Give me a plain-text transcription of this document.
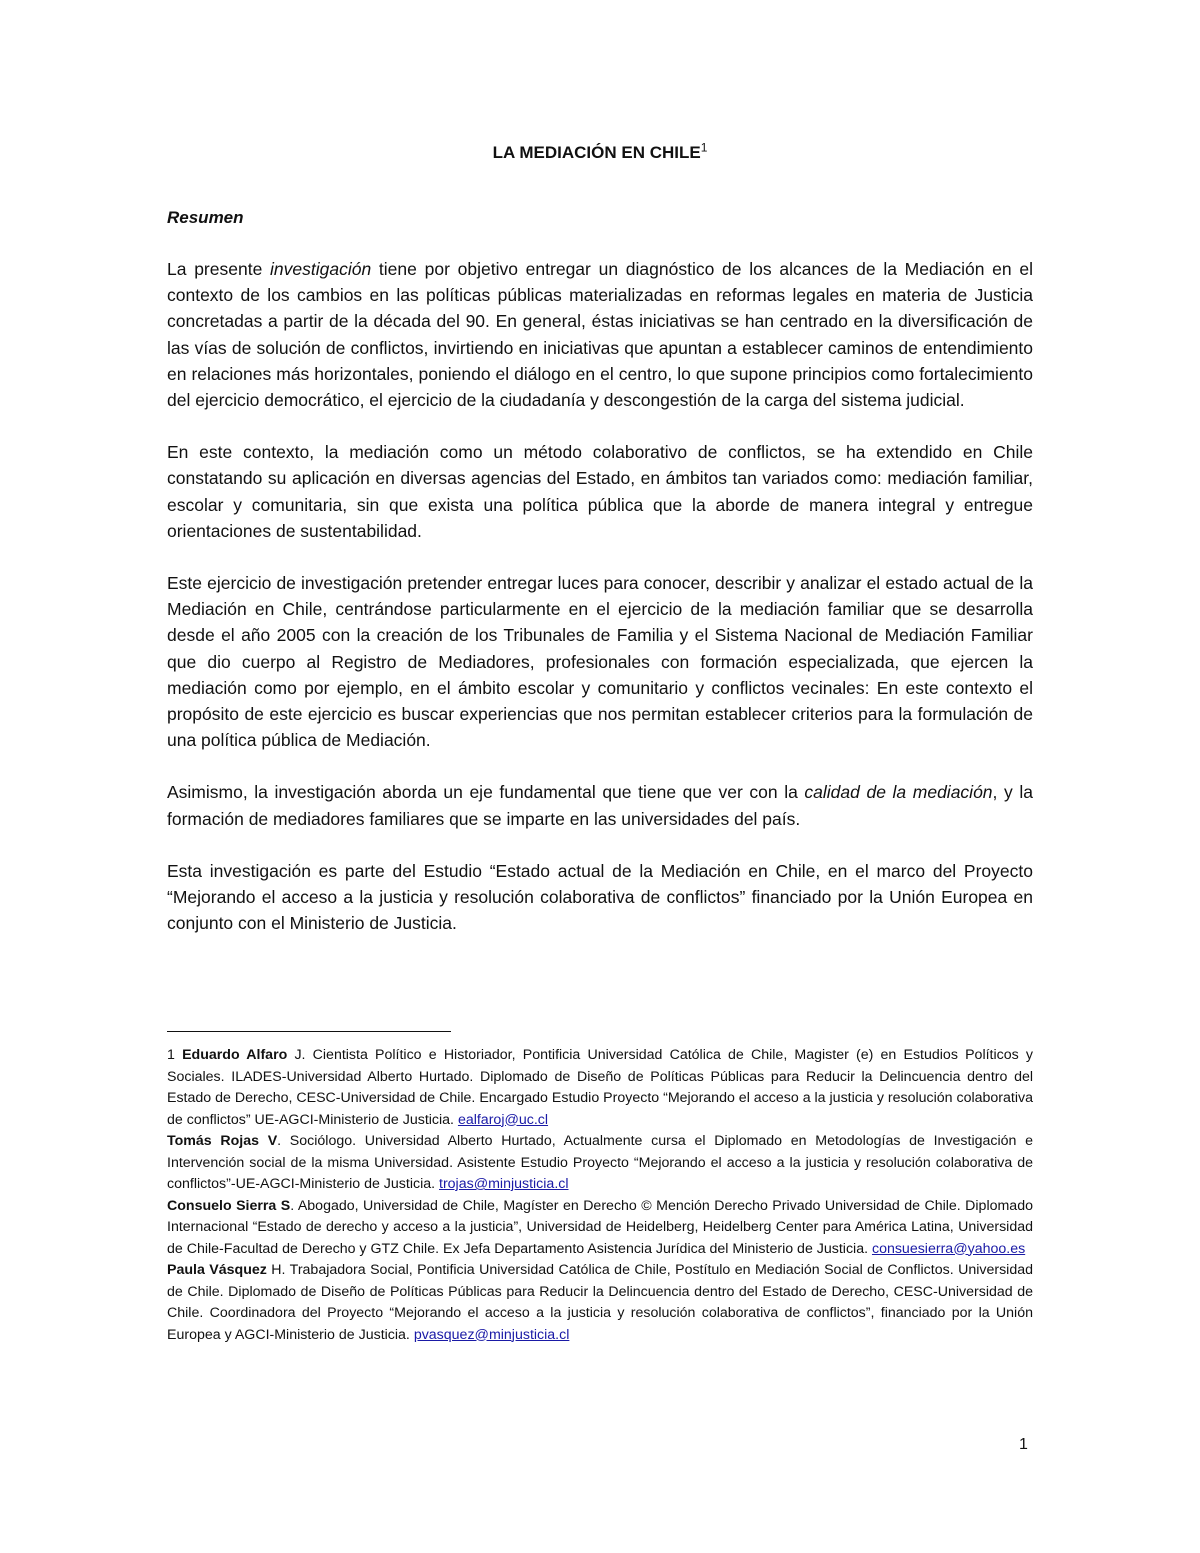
LA MEDIACIÓN EN CHILE$^1$
Resumen

La presente investigación tiene por objetivo entregar un diagnóstico de los alcances de la Mediación en el contexto de los cambios en las políticas públicas materializadas en reformas legales en materia de Justicia concretadas a partir de la década del 90. En general, éstas iniciativas se han centrado en la diversificación de las vías de solución de conflictos, invirtiendo en iniciativas que apuntan a establecer caminos de entendimiento en relaciones más horizontales, poniendo el diálogo en el centro, lo que supone principios como fortalecimiento del ejercicio democrático, el ejercicio de la ciudadanía y descongestión de la carga del sistema judicial.

En este contexto, la mediación como un método colaborativo de conflictos, se ha extendido en Chile constatando su aplicación en diversas agencias del Estado, en ámbitos tan variados como: mediación familiar, escolar y comunitaria, sin que exista una política pública que la aborde de manera integral y entregue orientaciones de sustentabilidad.

Este ejercicio de investigación pretender entregar luces para conocer, describir y analizar el estado actual de la Mediación en Chile, centrándose particularmente en el ejercicio de la mediación familiar que se desarrolla desde el año 2005 con la creación de los Tribunales de Familia y el Sistema Nacional de Mediación Familiar que dio cuerpo al Registro de Mediadores, profesionales con formación especializada, que ejercen la mediación como por ejemplo, en el ámbito escolar y comunitario y conflictos vecinales: En este contexto el propósito de este ejercicio es buscar experiencias que nos permitan establecer criterios para la formulación de una política pública de Mediación.

Asimismo, la investigación aborda un eje fundamental que tiene que ver con la calidad de la mediación, y la formación de mediadores familiares que se imparte en las universidades del país.

Esta investigación es parte del Estudio “Estado actual de la Mediación en Chile, en el marco del Proyecto “Mejorando el acceso a la justicia y resolución colaborativa de conflictos” financiado por la Unión Europea en conjunto con el Ministerio de Justicia.

1 Eduardo Alfaro J. Cientista Político e Historiador, Pontificia Universidad Católica de Chile, Magister (e) en Estudios Políticos y Sociales. ILADES-Universidad Alberto Hurtado. Diplomado de Diseño de Políticas Públicas para Reducir la Delincuencia dentro del Estado de Derecho, CESC-Universidad de Chile. Encargado Estudio Proyecto “Mejorando el acceso a la justicia y resolución colaborativa de conflictos” UE-AGCI-Ministerio de Justicia. ealfaroj@uc.cl

Tomás Rojas V. Sociólogo. Universidad Alberto Hurtado, Actualmente cursa el Diplomado en Metodologías de Investigación e Intervención social de la misma Universidad. Asistente Estudio Proyecto “Mejorando el acceso a la justicia y resolución colaborativa de conflictos”-UE-AGCI-Ministerio de Justicia. trojas@minjusticia.cl

Consuelo Sierra S. Abogado, Universidad de Chile, Magíster en Derecho © Mención Derecho Privado Universidad de Chile. Diplomado Internacional “Estado de derecho y acceso a la justicia”, Universidad de Heidelberg, Heidelberg Center para América Latina, Universidad de Chile-Facultad de Derecho y GTZ Chile. Ex Jefa Departamento Asistencia Jurídica del Ministerio de Justicia. consuesierra@yahoo.es

Paula Vásquez H. Trabajadora Social, Pontificia Universidad Católica de Chile, Postítulo en Mediación Social de Conflictos. Universidad de Chile. Diplomado de Diseño de Políticas Públicas para Reducir la Delincuencia dentro del Estado de Derecho, CESC-Universidad de Chile. Coordinadora del Proyecto “Mejorando el acceso a la justicia y resolución colaborativa de conflictos”, financiado por la Unión Europea y AGCI-Ministerio de Justicia. pvasquez@minjusticia.cl

1
